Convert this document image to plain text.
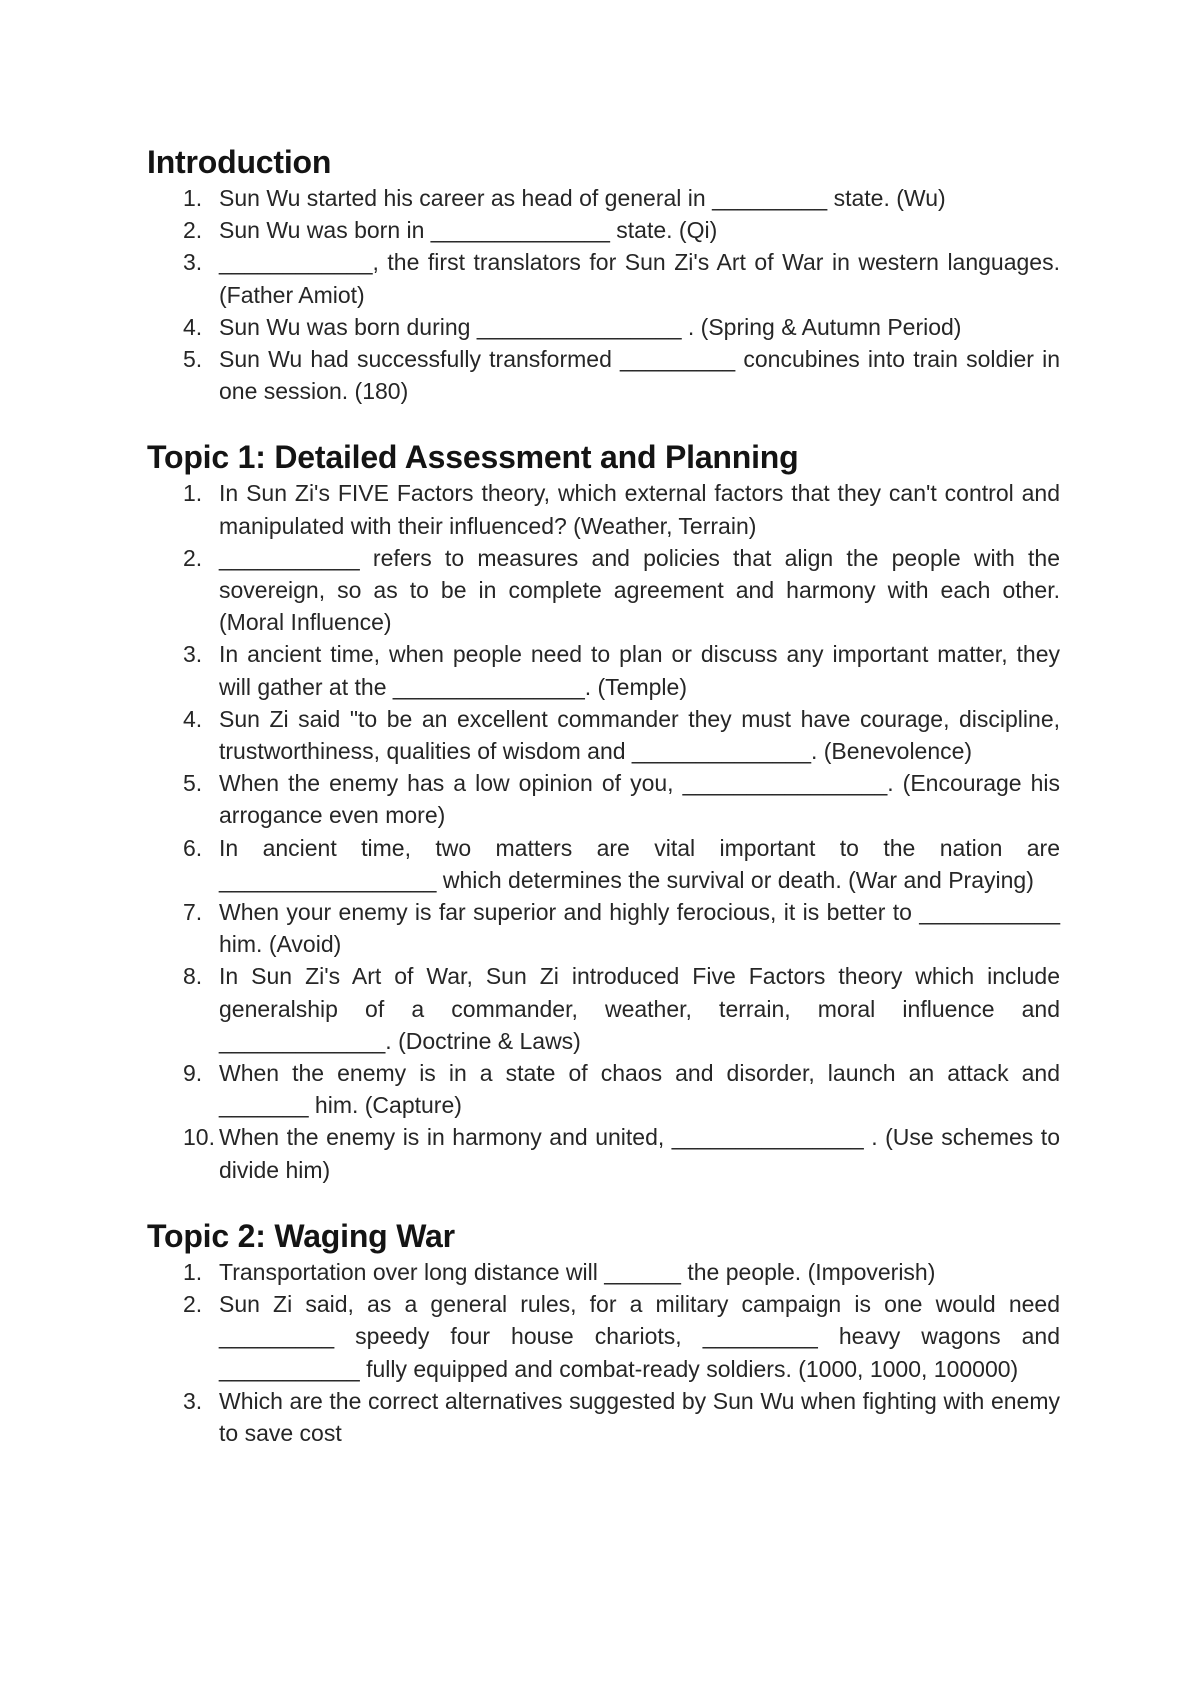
Introduction
1. Sun Wu started his career as head of general in _________ state. (Wu)
2. Sun Wu was born in ______________ state. (Qi)
3. ____________, the first translators for Sun Zi's Art of War in western languages. (Father Amiot)
4. Sun Wu was born during ________________ . (Spring & Autumn Period)
5. Sun Wu had successfully transformed _________ concubines into train soldier in one session. (180)
Topic 1: Detailed Assessment and Planning
1. In Sun Zi's FIVE Factors theory, which external factors that they can't control and manipulated with their influenced? (Weather, Terrain)
2. ___________ refers to measures and policies that align the people with the sovereign, so as to be in complete agreement and harmony with each other. (Moral Influence)
3. In ancient time, when people need to plan or discuss any important matter, they will gather at the _______________. (Temple)
4. Sun Zi said "to be an excellent commander they must have courage, discipline, trustworthiness, qualities of wisdom and ______________. (Benevolence)
5. When the enemy has a low opinion of you, ________________. (Encourage his arrogance even more)
6. In ancient time, two matters are vital important to the nation are _________________ which determines the survival or death. (War and Praying)
7. When your enemy is far superior and highly ferocious, it is better to ___________ him. (Avoid)
8. In Sun Zi's Art of War, Sun Zi introduced Five Factors theory which include generalship of a commander, weather, terrain, moral influence and _____________. (Doctrine & Laws)
9. When the enemy is in a state of chaos and disorder, launch an attack and _______ him. (Capture)
10. When the enemy is in harmony and united, _______________ . (Use schemes to divide him)
Topic 2: Waging War
1. Transportation over long distance will ______ the people. (Impoverish)
2. Sun Zi said, as a general rules, for a military campaign is one would need _________ speedy four house chariots, _________ heavy wagons and ___________ fully equipped and combat-ready soldiers. (1000, 1000, 100000)
3. Which are the correct alternatives suggested by Sun Wu when fighting with enemy to save cost
